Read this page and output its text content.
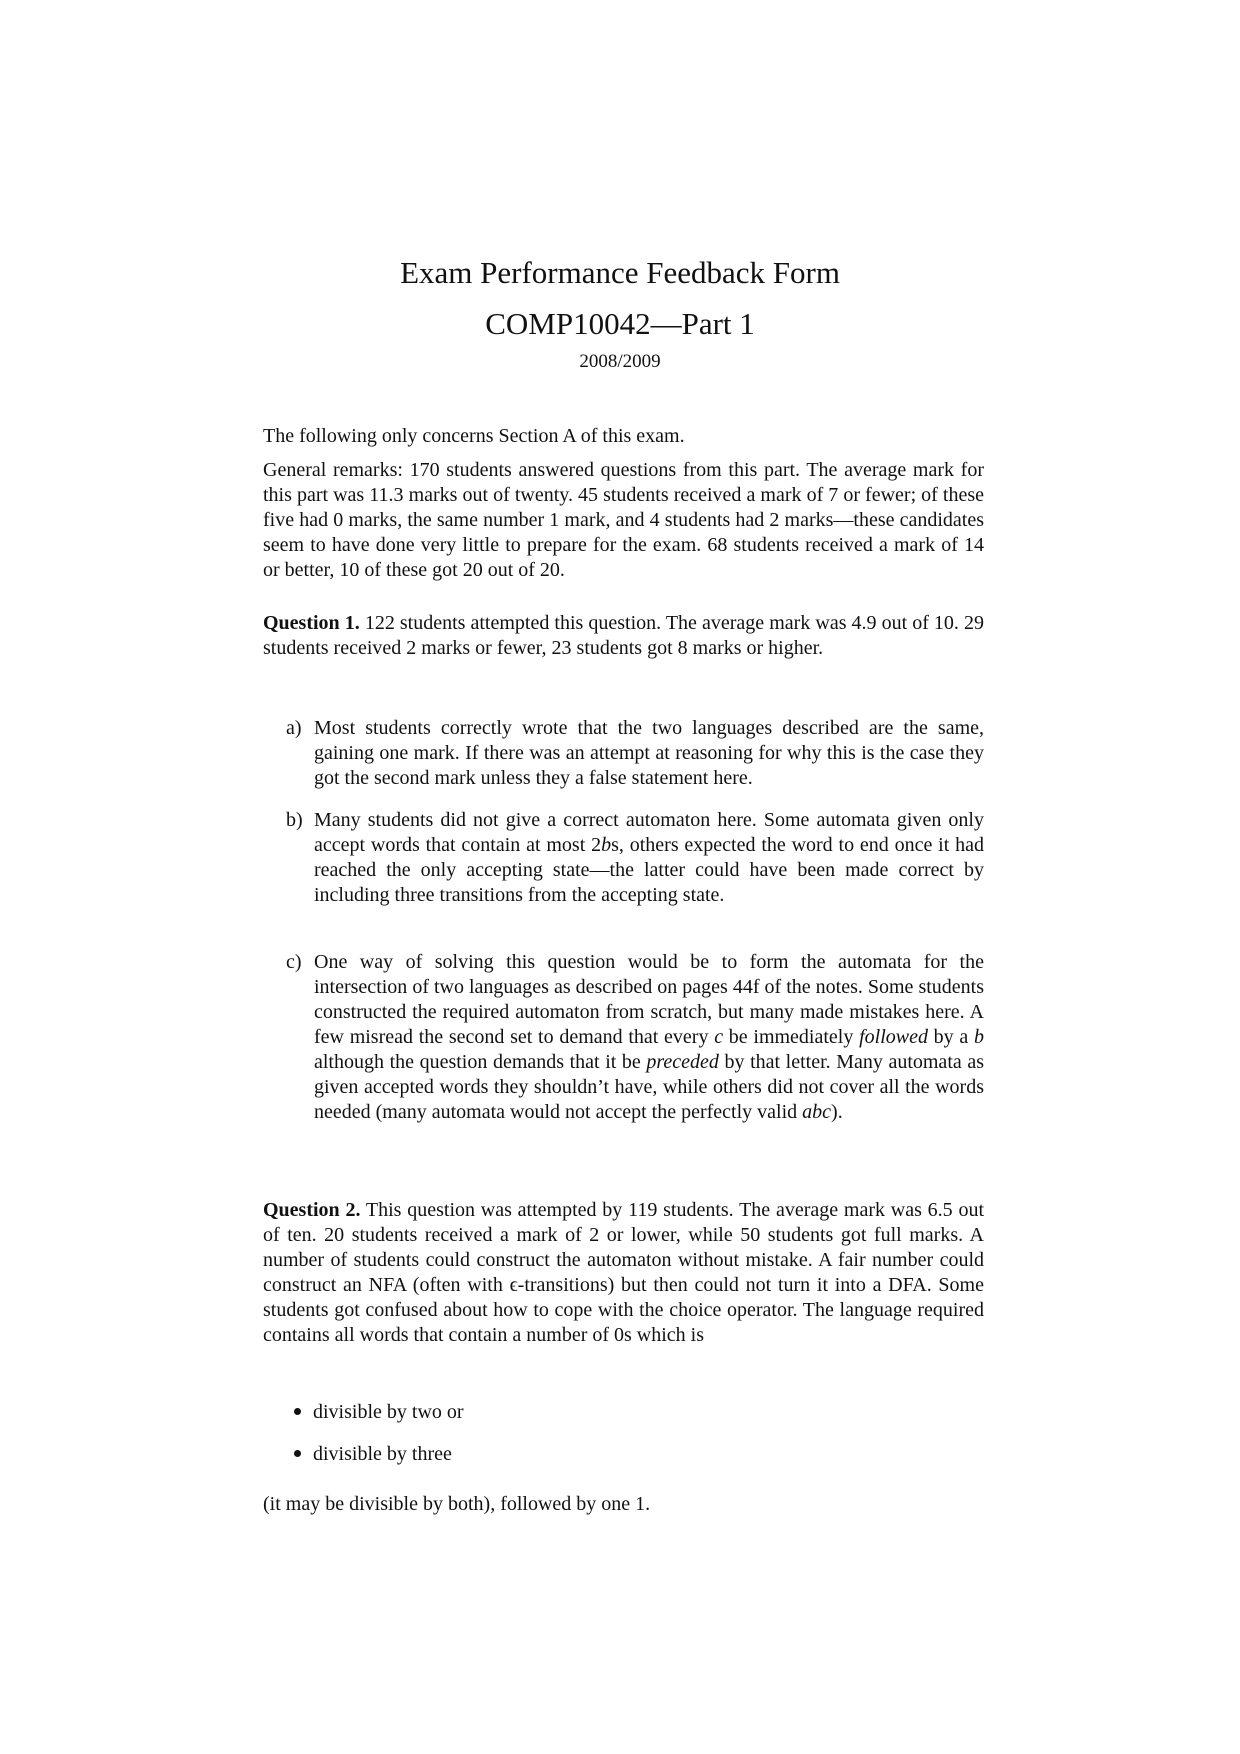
Exam Performance Feedback Form
COMP10042—Part 1
2008/2009
The following only concerns Section A of this exam.
General remarks: 170 students answered questions from this part. The average mark for this part was 11.3 marks out of twenty. 45 students received a mark of 7 or fewer; of these five had 0 marks, the same number 1 mark, and 4 students had 2 marks—these candidates seem to have done very little to prepare for the exam. 68 students received a mark of 14 or better, 10 of these got 20 out of 20.
Question 1. 122 students attempted this question. The average mark was 4.9 out of 10. 29 students received 2 marks or fewer, 23 students got 8 marks or higher.
a) Most students correctly wrote that the two languages described are the same, gaining one mark. If there was an attempt at reasoning for why this is the case they got the second mark unless they a false statement here.
b) Many students did not give a correct automaton here. Some automata given only accept words that contain at most 2bs, others expected the word to end once it had reached the only accepting state—the latter could have been made correct by including three transitions from the accepting state.
c) One way of solving this question would be to form the automata for the intersection of two languages as described on pages 44f of the notes. Some students constructed the required automaton from scratch, but many made mistakes here. A few misread the second set to demand that every c be immediately followed by a b although the question demands that it be preceded by that letter. Many automata as given accepted words they shouldn’t have, while others did not cover all the words needed (many automata would not accept the perfectly valid abc).
Question 2. This question was attempted by 119 students. The average mark was 6.5 out of ten. 20 students received a mark of 2 or lower, while 50 students got full marks. A number of students could construct the automaton without mistake. A fair number could construct an NFA (often with ϵ-transitions) but then could not turn it into a DFA. Some students got confused about how to cope with the choice operator. The language required contains all words that contain a number of 0s which is
divisible by two or
divisible by three
(it may be divisible by both), followed by one 1.
